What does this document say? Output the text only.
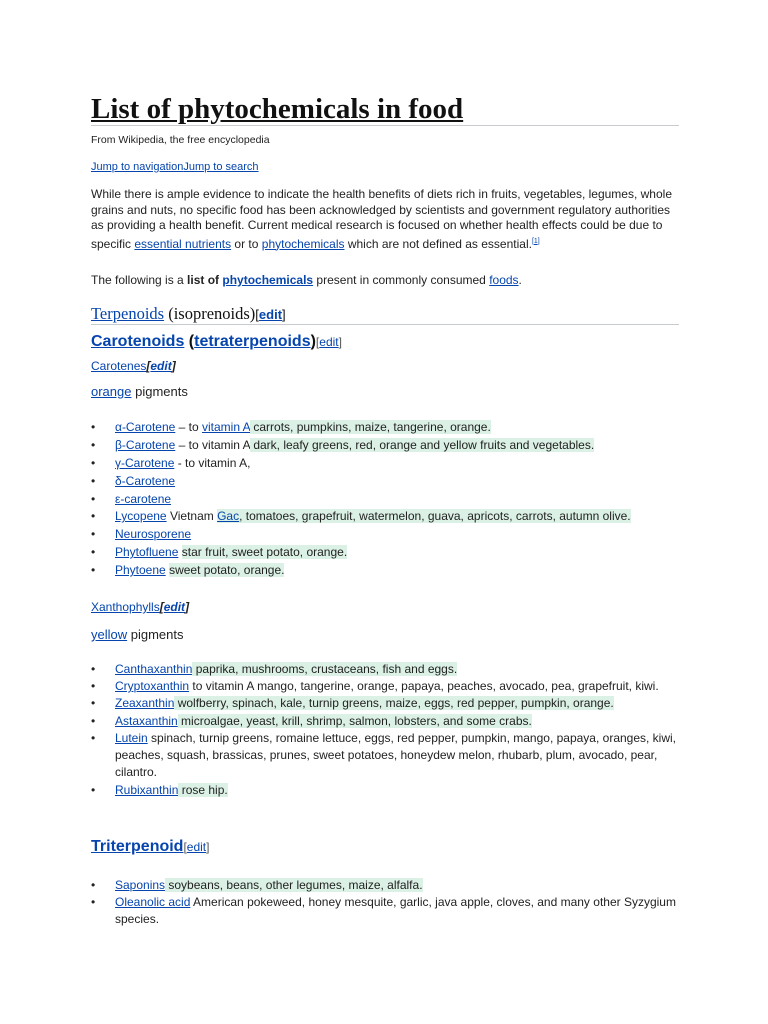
List of phytochemicals in food
From Wikipedia, the free encyclopedia
Jump to navigationJump to search

While there is ample evidence to indicate the health benefits of diets rich in fruits, vegetables, legumes, whole grains and nuts, no specific food has been acknowledged by scientists and government regulatory authorities as providing a health benefit. Current medical research is focused on whether health effects could be due to specific essential nutrients or to phytochemicals which are not defined as essential.[1]

The following is a list of phytochemicals present in commonly consumed foods.
Terpenoids (isoprenoids)[edit]
Carotenoids (tetraterpenoids)[edit]
Carotenes[edit]
orange pigments
• α-Carotene – to vitamin A carrots, pumpkins, maize, tangerine, orange.
• β-Carotene – to vitamin A dark, leafy greens, red, orange and yellow fruits and vegetables.
• γ-Carotene - to vitamin A,
• δ-Carotene
• ε-carotene
• Lycopene Vietnam Gac, tomatoes, grapefruit, watermelon, guava, apricots, carrots, autumn olive.
• Neurosporene
• Phytofluene star fruit, sweet potato, orange.
• Phytoene sweet potato, orange.
Xanthophylls[edit]
yellow pigments
• Canthaxanthin paprika, mushrooms, crustaceans, fish and eggs.
• Cryptoxanthin to vitamin A mango, tangerine, orange, papaya, peaches, avocado, pea, grapefruit, kiwi.
• Zeaxanthin wolfberry, spinach, kale, turnip greens, maize, eggs, red pepper, pumpkin, orange.
• Astaxanthin microalgae, yeast, krill, shrimp, salmon, lobsters, and some crabs.
• Lutein spinach, turnip greens, romaine lettuce, eggs, red pepper, pumpkin, mango, papaya, oranges, kiwi, peaches, squash, brassicas, prunes, sweet potatoes, honeydew melon, rhubarb, plum, avocado, pear, cilantro.
• Rubixanthin rose hip.
Triterpenoid[edit]
• Saponins soybeans, beans, other legumes, maize, alfalfa.
• Oleanolic acid American pokeweed, honey mesquite, garlic, java apple, cloves, and many other Syzygium species.
